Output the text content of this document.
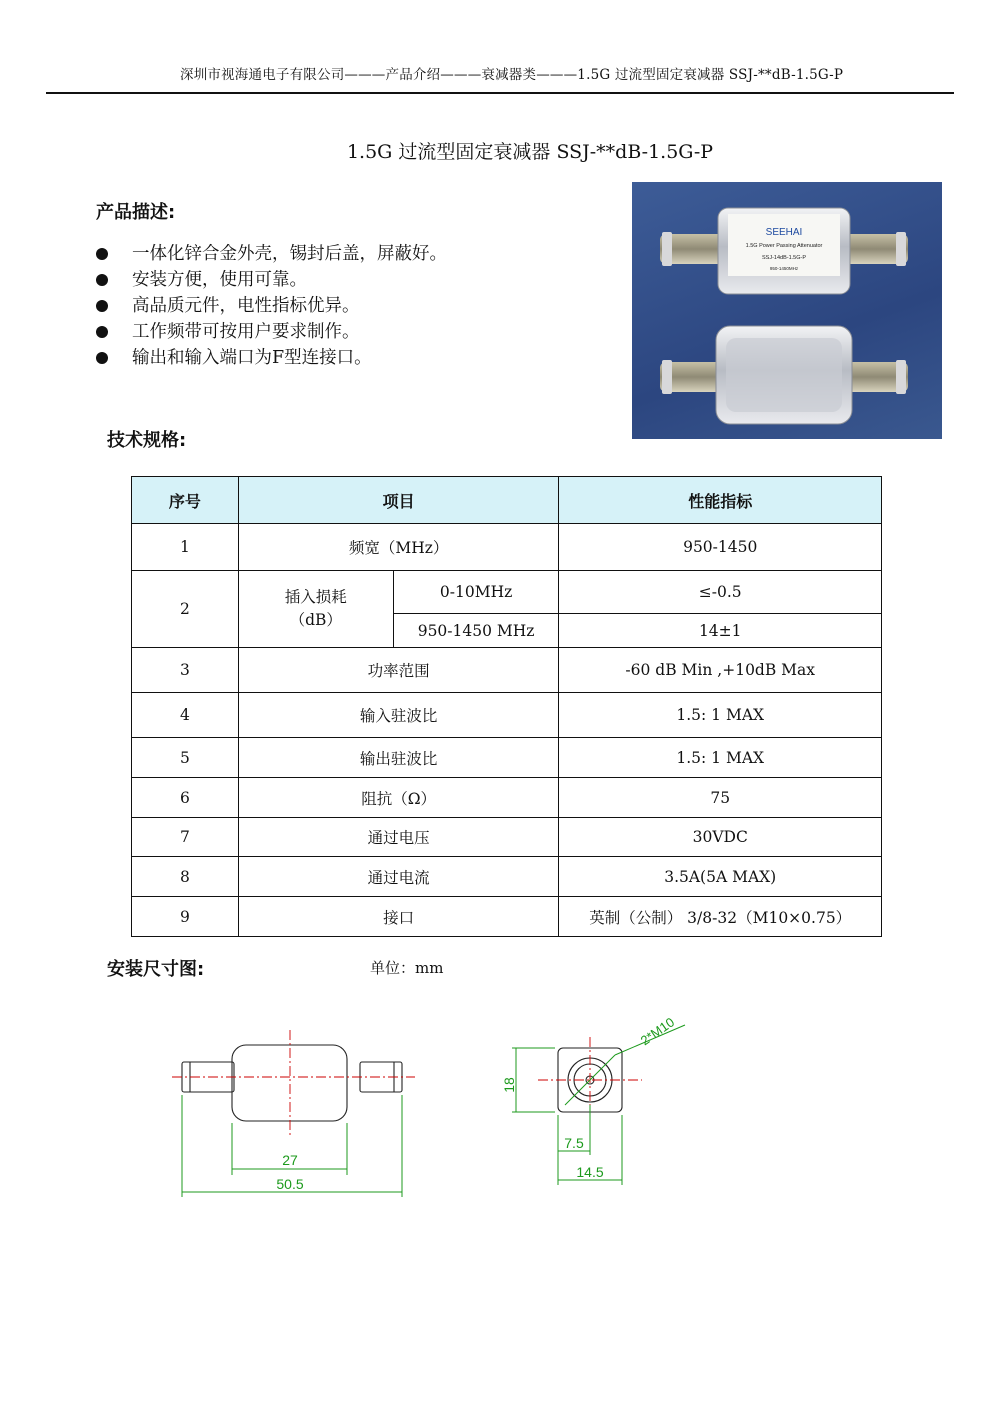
深圳市视海通电子有限公司———产品介绍———衰减器类———1.5G 过流型固定衰减器 SSJ-**dB-1.5G-P
1.5G 过流型固定衰减器 SSJ-**dB-1.5G-P
产品描述:
一体化锌合金外壳，锡封后盖，屏蔽好。
安装方便，使用可靠。
高品质元件，电性指标优异。
工作频带可按用户要求制作。
输出和输入端口为F型连接口。
SEEHAI
1.5G Power Passing Attenuator
SSJ-14dB-1.5G-P
950-1450MHz
技术规格:
序号	项目		性能指标
1	频宽（MHz）		950-1450
2	插入损耗（dB）	0-10MHz	≤-0.5
		950-1450 MHz	14±1
3	功率范围		-60 dB Min ,+10dB Max
4	输入驻波比		1.5: 1 MAX
5	输出驻波比		1.5: 1 MAX
6	阻抗（Ω）		75
7	通过电压		30VDC
8	通过电流		3.5A(5A MAX)
9	接口		英制（公制） 3/8-32（M10×0.75）
安装尺寸图:	单位：mm
27
50.5
18
7.5
14.5
2*M10
